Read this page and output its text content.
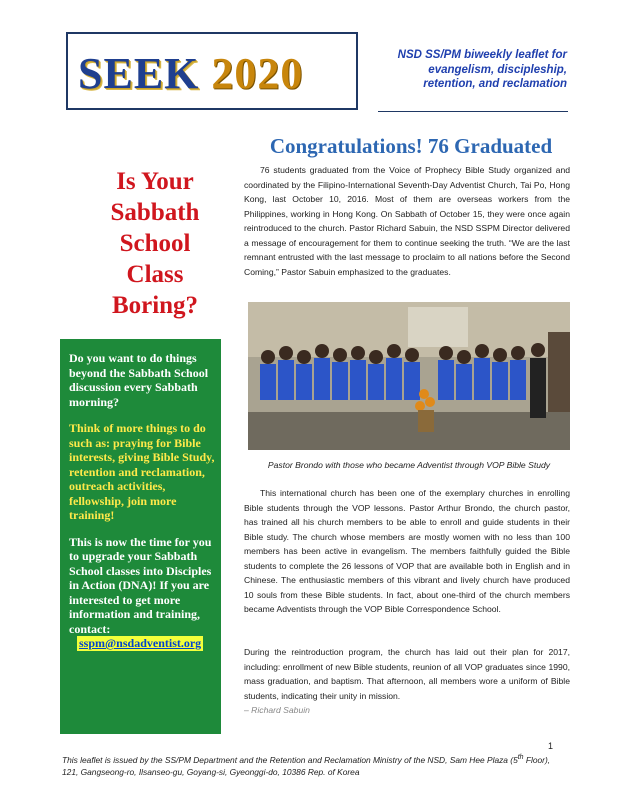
SEEK 2020	NSD SS/PM biweekly leaflet for
evangelism, discipleship,
retention, and reclamation
Is Your
Sabbath
School
Class
Boring?

Do you want to do things beyond the Sabbath School discussion every Sabbath morning?

Think of more things to do such as: praying for Bible interests, giving Bible Study, retention and reclamation, outreach activities, fellowship, join more training!

This is now the time for you to upgrade your Sabbath School classes into Disciples in Action (DNA)! If you are interested to get more information and training, contact:
sspm@nsdadventist.org

Congratulations! 76 Graduated

76 students graduated from the Voice of Prophecy Bible Study organized and coordinated by the Filipino-International Seventh-Day Adventist Church, Tai Po, Hong Kong, last October 10, 2016. Most of them are overseas workers from the Philippines, working in Hong Kong. On Sabbath of October 15, they were once again reintroduced to the church. Pastor Richard Sabuin, the NSD SSPM Director delivered a message of encouragement for them to continue seeking the truth. “We are the last remnant entrusted with the last message to proclaim to all nations before the Second Coming,” Pastor Sabuin emphasized to the graduates.

Pastor Brondo with those who became Adventist through VOP Bible Study

This international church has been one of the exemplary churches in enrolling Bible students through the VOP lessons. Pastor Arthur Brondo, the church pastor, has trained all his church members to be able to enroll and guide students in their Bible study. The church whose members are mostly women with no less than 100 members has been active in evangelism. The members faithfully guided the Bible students to complete the 26 lessons of VOP that are available both in English and in Chinese. The enthusiastic members of this vibrant and lively church have produced 10 souls from these Bible students. In fact, about one-third of the church members became Adventists through the VOP Bible Correspondence School.

During the reintroduction program, the church has laid out their plan for 2017, including: enrollment of new Bible students, reunion of all VOP graduates since 1990, mass graduation, and baptism. That afternoon, all members wore a uniform of Bible students, indicating their unity in mission.
– Richard Sabuin

1
This leaflet is issued by the SS/PM Department and the Retention and Reclamation Ministry of the NSD, Sam Hee Plaza (5th Floor), 121, Gangseong-ro, Ilsanseo-gu, Goyang-si, Gyeonggi-do, 10386 Rep. of Korea
